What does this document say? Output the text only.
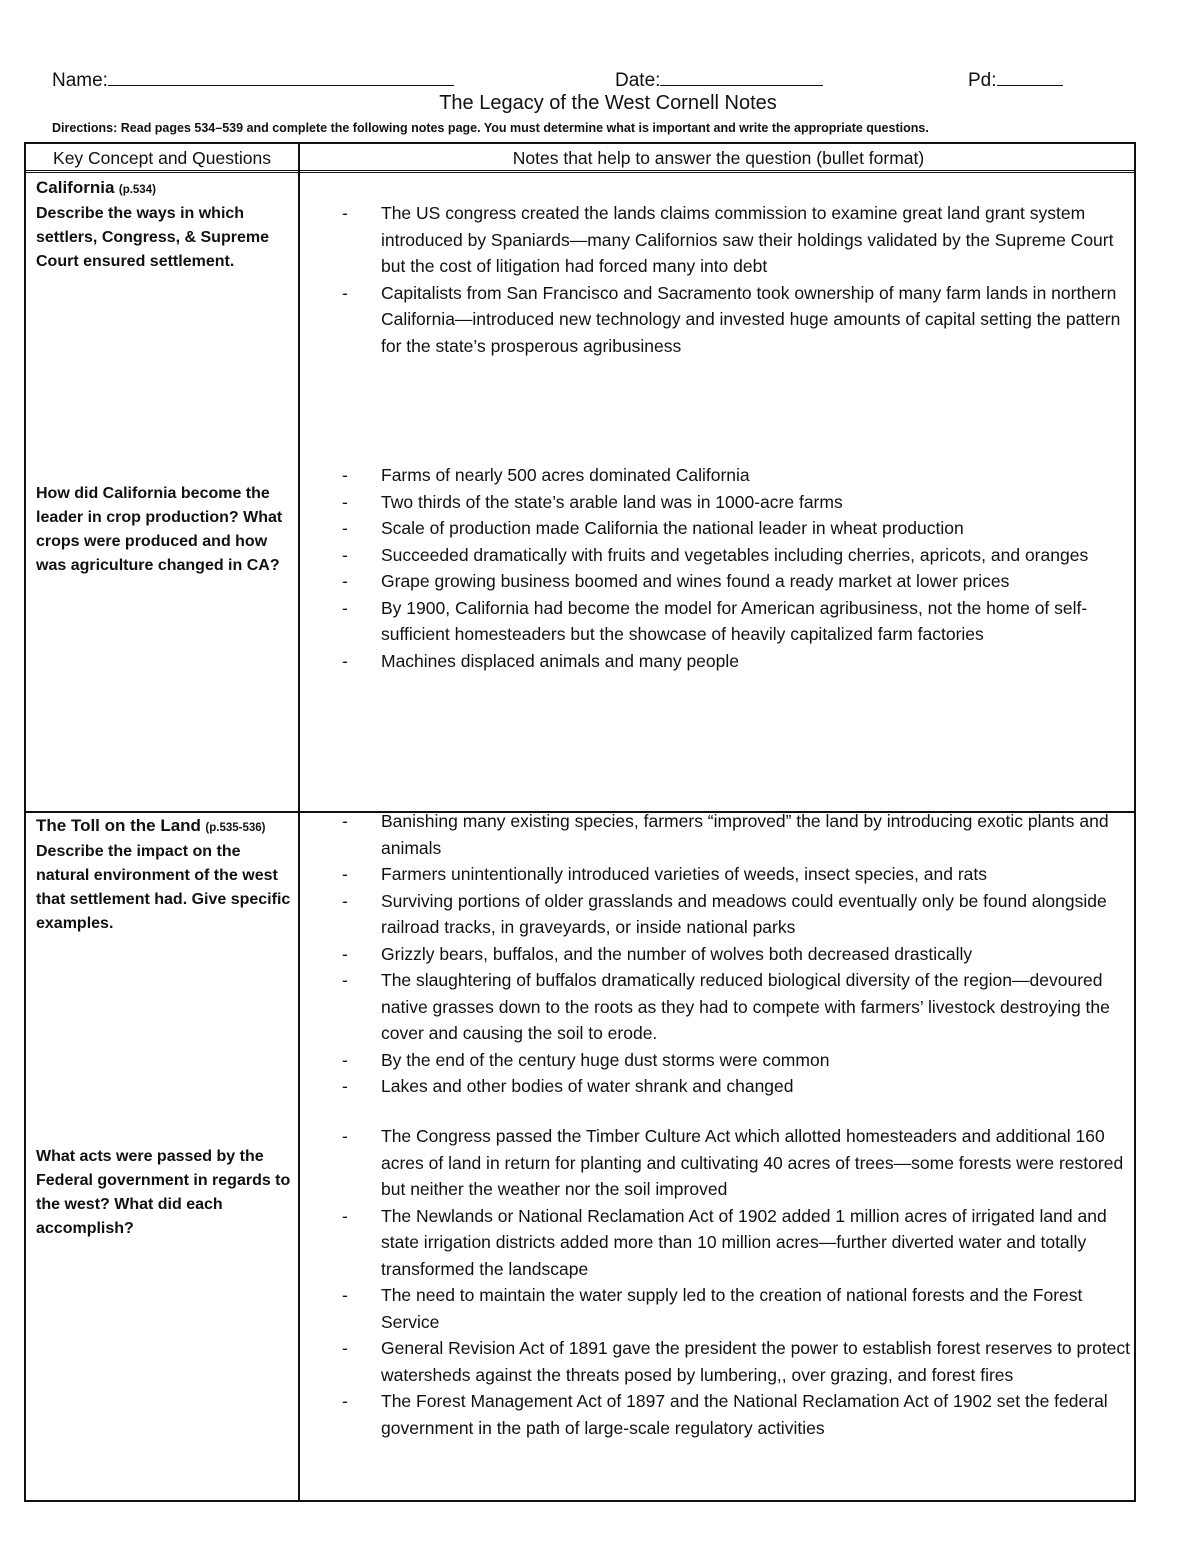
Name:	Date:	Pd:
The Legacy of the West Cornell Notes
Directions: Read pages 534–539 and complete the following notes page. You must determine what is important and write the appropriate questions.
Key Concept and Questions	Notes that help to answer the question (bullet format)
California (p.534)
Describe the ways in which settlers, Congress, & Supreme Court ensured settlement.
- The US congress created the lands claims commission to examine great land grant system introduced by Spaniards—many Californios saw their holdings validated by the Supreme Court but the cost of litigation had forced many into debt
- Capitalists from San Francisco and Sacramento took ownership of many farm lands in northern California—introduced new technology and invested huge amounts of capital setting the pattern for the state’s prosperous agribusiness
How did California become the leader in crop production? What crops were produced and how was agriculture changed in CA?
- Farms of nearly 500 acres dominated California
- Two thirds of the state’s arable land was in 1000-acre farms
- Scale of production made California the national leader in wheat production
- Succeeded dramatically with fruits and vegetables including cherries, apricots, and oranges
- Grape growing business boomed and wines found a ready market at lower prices
- By 1900, California had become the model for American agribusiness, not the home of self-sufficient homesteaders but the showcase of heavily capitalized farm factories
- Machines displaced animals and many people
The Toll on the Land (p.535-536)
Describe the impact on the natural environment of the west that settlement had. Give specific examples.
- Banishing many existing species, farmers “improved” the land by introducing exotic plants and animals
- Farmers unintentionally introduced varieties of weeds, insect species, and rats
- Surviving portions of older grasslands and meadows could eventually only be found alongside railroad tracks, in graveyards, or inside national parks
- Grizzly bears, buffalos, and the number of wolves both decreased drastically
- The slaughtering of buffalos dramatically reduced biological diversity of the region—devoured native grasses down to the roots as they had to compete with farmers’ livestock destroying the cover and causing the soil to erode.
- By the end of the century huge dust storms were common
- Lakes and other bodies of water shrank and changed
What acts were passed by the Federal government in regards to the west? What did each accomplish?
- The Congress passed the Timber Culture Act which allotted homesteaders and additional 160 acres of land in return for planting and cultivating 40 acres of trees—some forests were restored but neither the weather nor the soil improved
- The Newlands or National Reclamation Act of 1902 added 1 million acres of irrigated land and state irrigation districts added more than 10 million acres—further diverted water and totally transformed the landscape
- The need to maintain the water supply led to the creation of national forests and the Forest Service
- General Revision Act of 1891 gave the president the power to establish forest reserves to protect watersheds against the threats posed by lumbering,, over grazing, and forest fires
- The Forest Management Act of 1897 and the National Reclamation Act of 1902 set the federal government in the path of large-scale regulatory activities
